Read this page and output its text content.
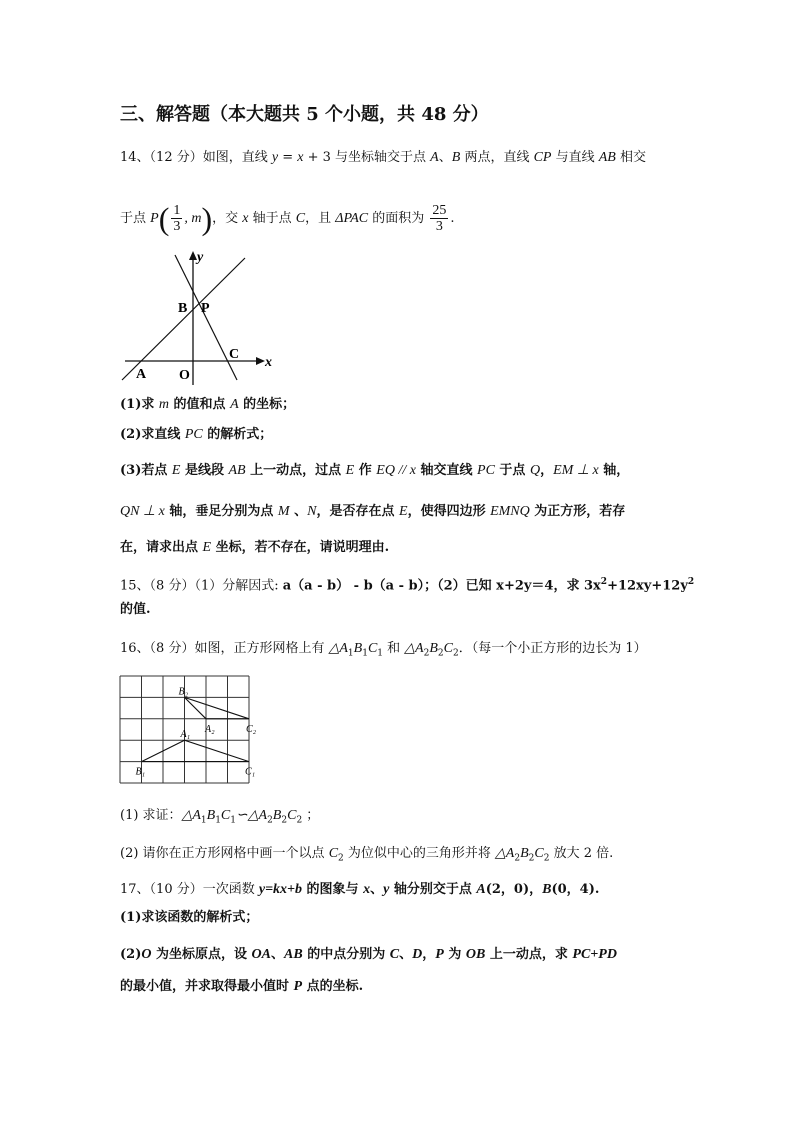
三、解答题（本大题共 5 个小题，共 48 分）
14、（12 分）如图，直线 y = x + 3 与坐标轴交于点 A、B 两点，直线 CP 与直线 AB 相交
于点 $P( \frac{1}{3}$ , m)，交 x 轴于点 C，且 ΔPAC 的面积为 $\frac{25}{3}$ .
(1)求 m 的值和点 A 的坐标；
(2)求直线 PC 的解析式；
(3)若点 E 是线段 AB 上一动点，过点 E 作 EQ // x 轴交直线 PC 于点 Q，EM ⊥ x 轴，
QN ⊥ x 轴，垂足分别为点 M 、N，是否存在点 E，使得四边形 EMNQ 为正方形，若存
在，请求出点 E 坐标，若不存在，请说明理由.
15、（8 分）（1）分解因式: a（a - b） - b（a - b）；（2）已知 x+2y＝4，求 $3x^2+12xy+12y^2$
的值.
16、（8 分）如图，正方形网格上有 $\triangle A_1B_1C_1$ 和 $\triangle A_2B_2C_2$．（每一个小正方形的边长为 1）
(1) 求证：$\triangle A_1B_1C_1∽\triangle A_2B_2C_2$ ；
(2) 请你在正方形网格中画一个以点 $C_2$ 为位似中心的三角形并将 $\triangle A_2B_2C_2$ 放大 2 倍.
17、（10 分）一次函数 y=kx+b 的图象与 x、y 轴分别交于点 A(2，0)，B(0，4).
(1)求该函数的解析式；
(2)O 为坐标原点，设 OA、AB 的中点分别为 C、D，P 为 OB 上一动点，求 PC+PD
的最小值，并求取得最小值时 P 点的坐标.
y
x
B P
C
A O
B₂
A₂	C₂
A₁
B₁	C₁
